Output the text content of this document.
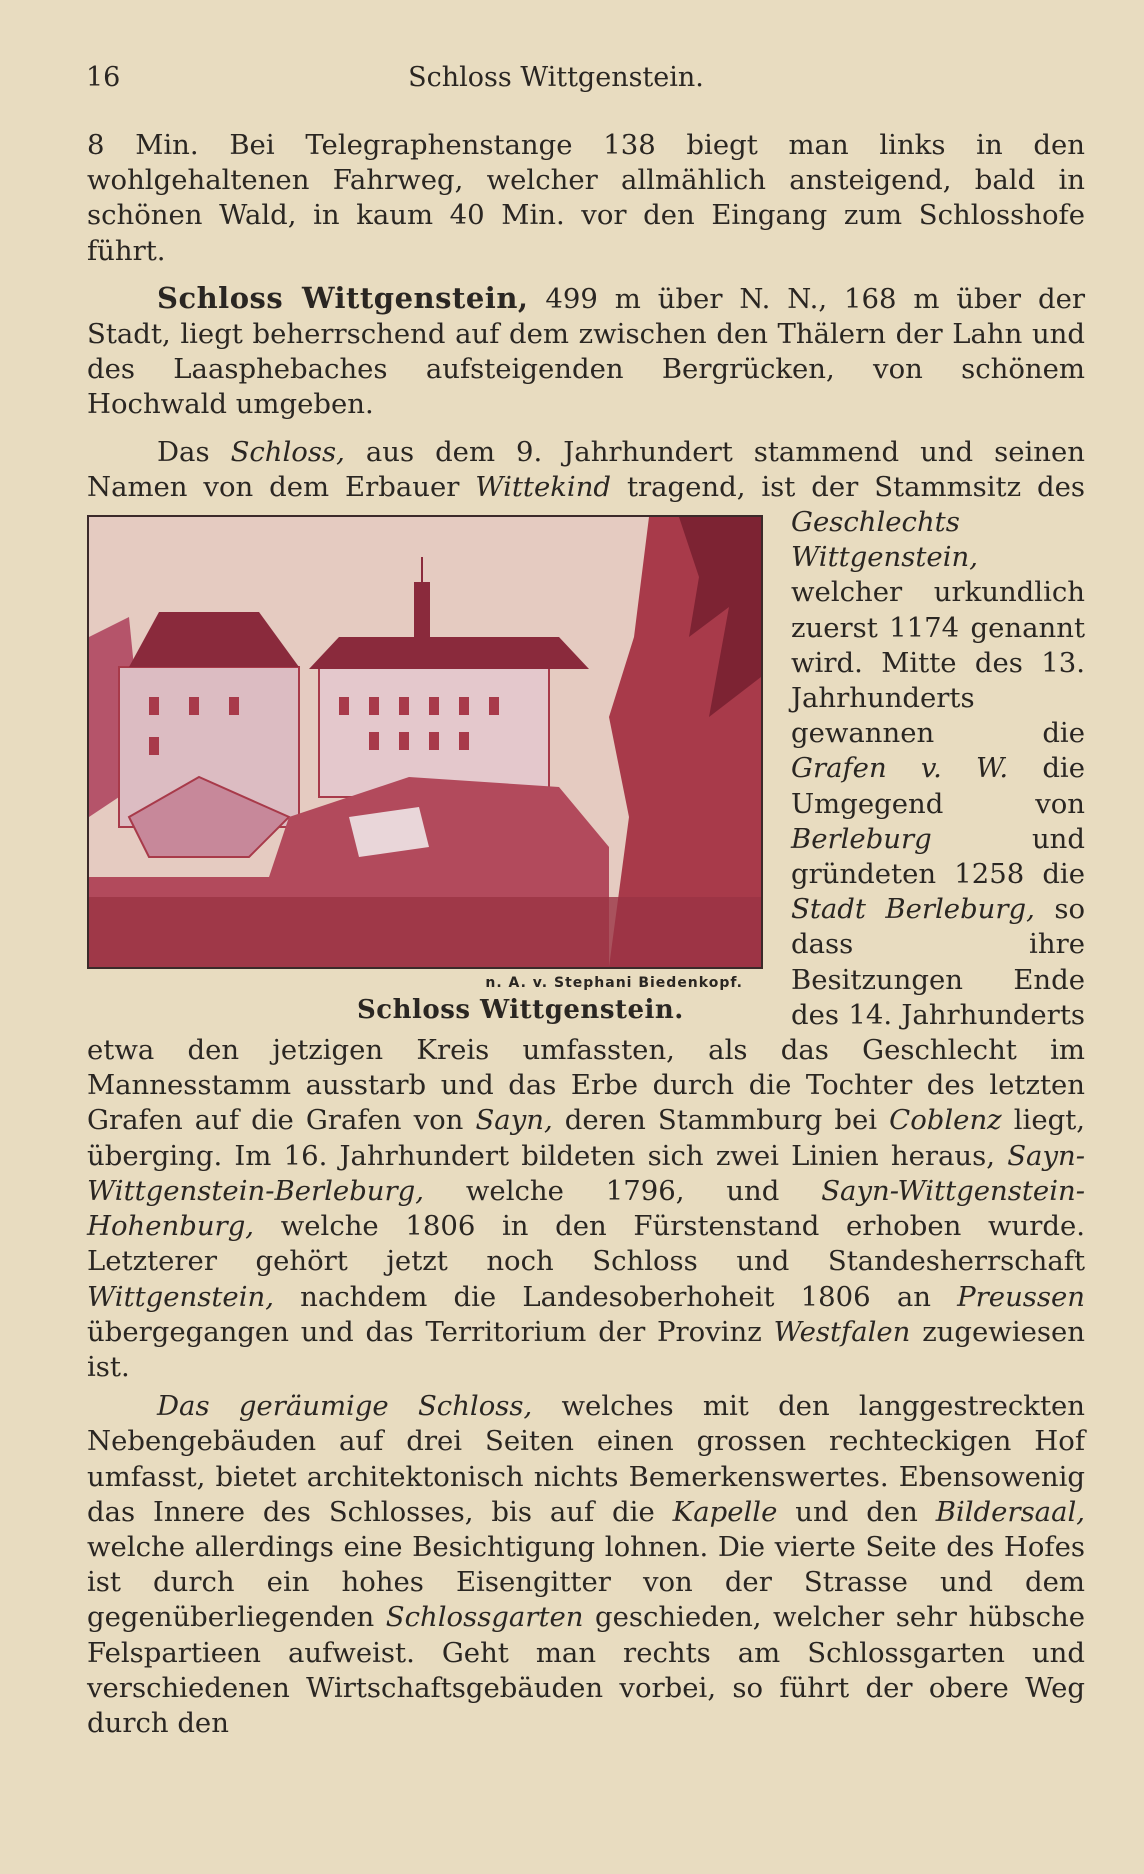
16	Schloss Wittgenstein.

8 Min. Bei Telegraphenstange 138 biegt man links in den wohlgehaltenen Fahrweg, welcher allmählich ansteigend, bald in schönen Wald, in kaum 40 Min. vor den Eingang zum Schlosshofe führt.

Schloss Wittgenstein, 499 m über N. N., 168 m über der Stadt, liegt beherrschend auf dem zwischen den Thälern der Lahn und des Laasphebaches aufsteigenden Bergrücken, von schönem Hochwald umgeben.

Das Schloss, aus dem 9. Jahrhundert stammend und seinen Namen von dem Erbauer Wittekind tragend, ist der Stammsitz des
n. A. v. Stephani Biedenkopf.
Schloss Wittgenstein.
Geschlechts Wittgenstein, welcher urkundlich zuerst 1174 genannt wird. Mitte des 13. Jahrhunderts gewannen die Grafen v. W. die Umgegend von Berleburg und gründeten 1258 die Stadt Berleburg, so dass ihre Besitzungen Ende des 14. Jahrhunderts etwa den jetzigen Kreis umfassten, als das Geschlecht im Mannesstamm ausstarb und das Erbe durch die Tochter des letzten Grafen auf die Grafen von Sayn, deren Stammburg bei Coblenz liegt, überging. Im 16. Jahrhundert bildeten sich zwei Linien heraus, Sayn-Wittgenstein-Berleburg, welche 1796, und Sayn-Wittgenstein-Hohenburg, welche 1806 in den Fürstenstand erhoben wurde. Letzterer gehört jetzt noch Schloss und Standesherrschaft Wittgenstein, nachdem die Landesoberhoheit 1806 an Preussen übergegangen und das Territorium der Provinz Westfalen zugewiesen ist.

Das geräumige Schloss, welches mit den langgestreckten Nebengebäuden auf drei Seiten einen grossen rechteckigen Hof umfasst, bietet architektonisch nichts Bemerkenswertes. Ebensowenig das Innere des Schlosses, bis auf die Kapelle und den Bildersaal, welche allerdings eine Besichtigung lohnen. Die vierte Seite des Hofes ist durch ein hohes Eisengitter von der Strasse und dem gegenüberliegenden Schlossgarten geschieden, welcher sehr hübsche Felspartieen aufweist. Geht man rechts am Schlossgarten und verschiedenen Wirtschaftsgebäuden vorbei, so führt der obere Weg durch den
